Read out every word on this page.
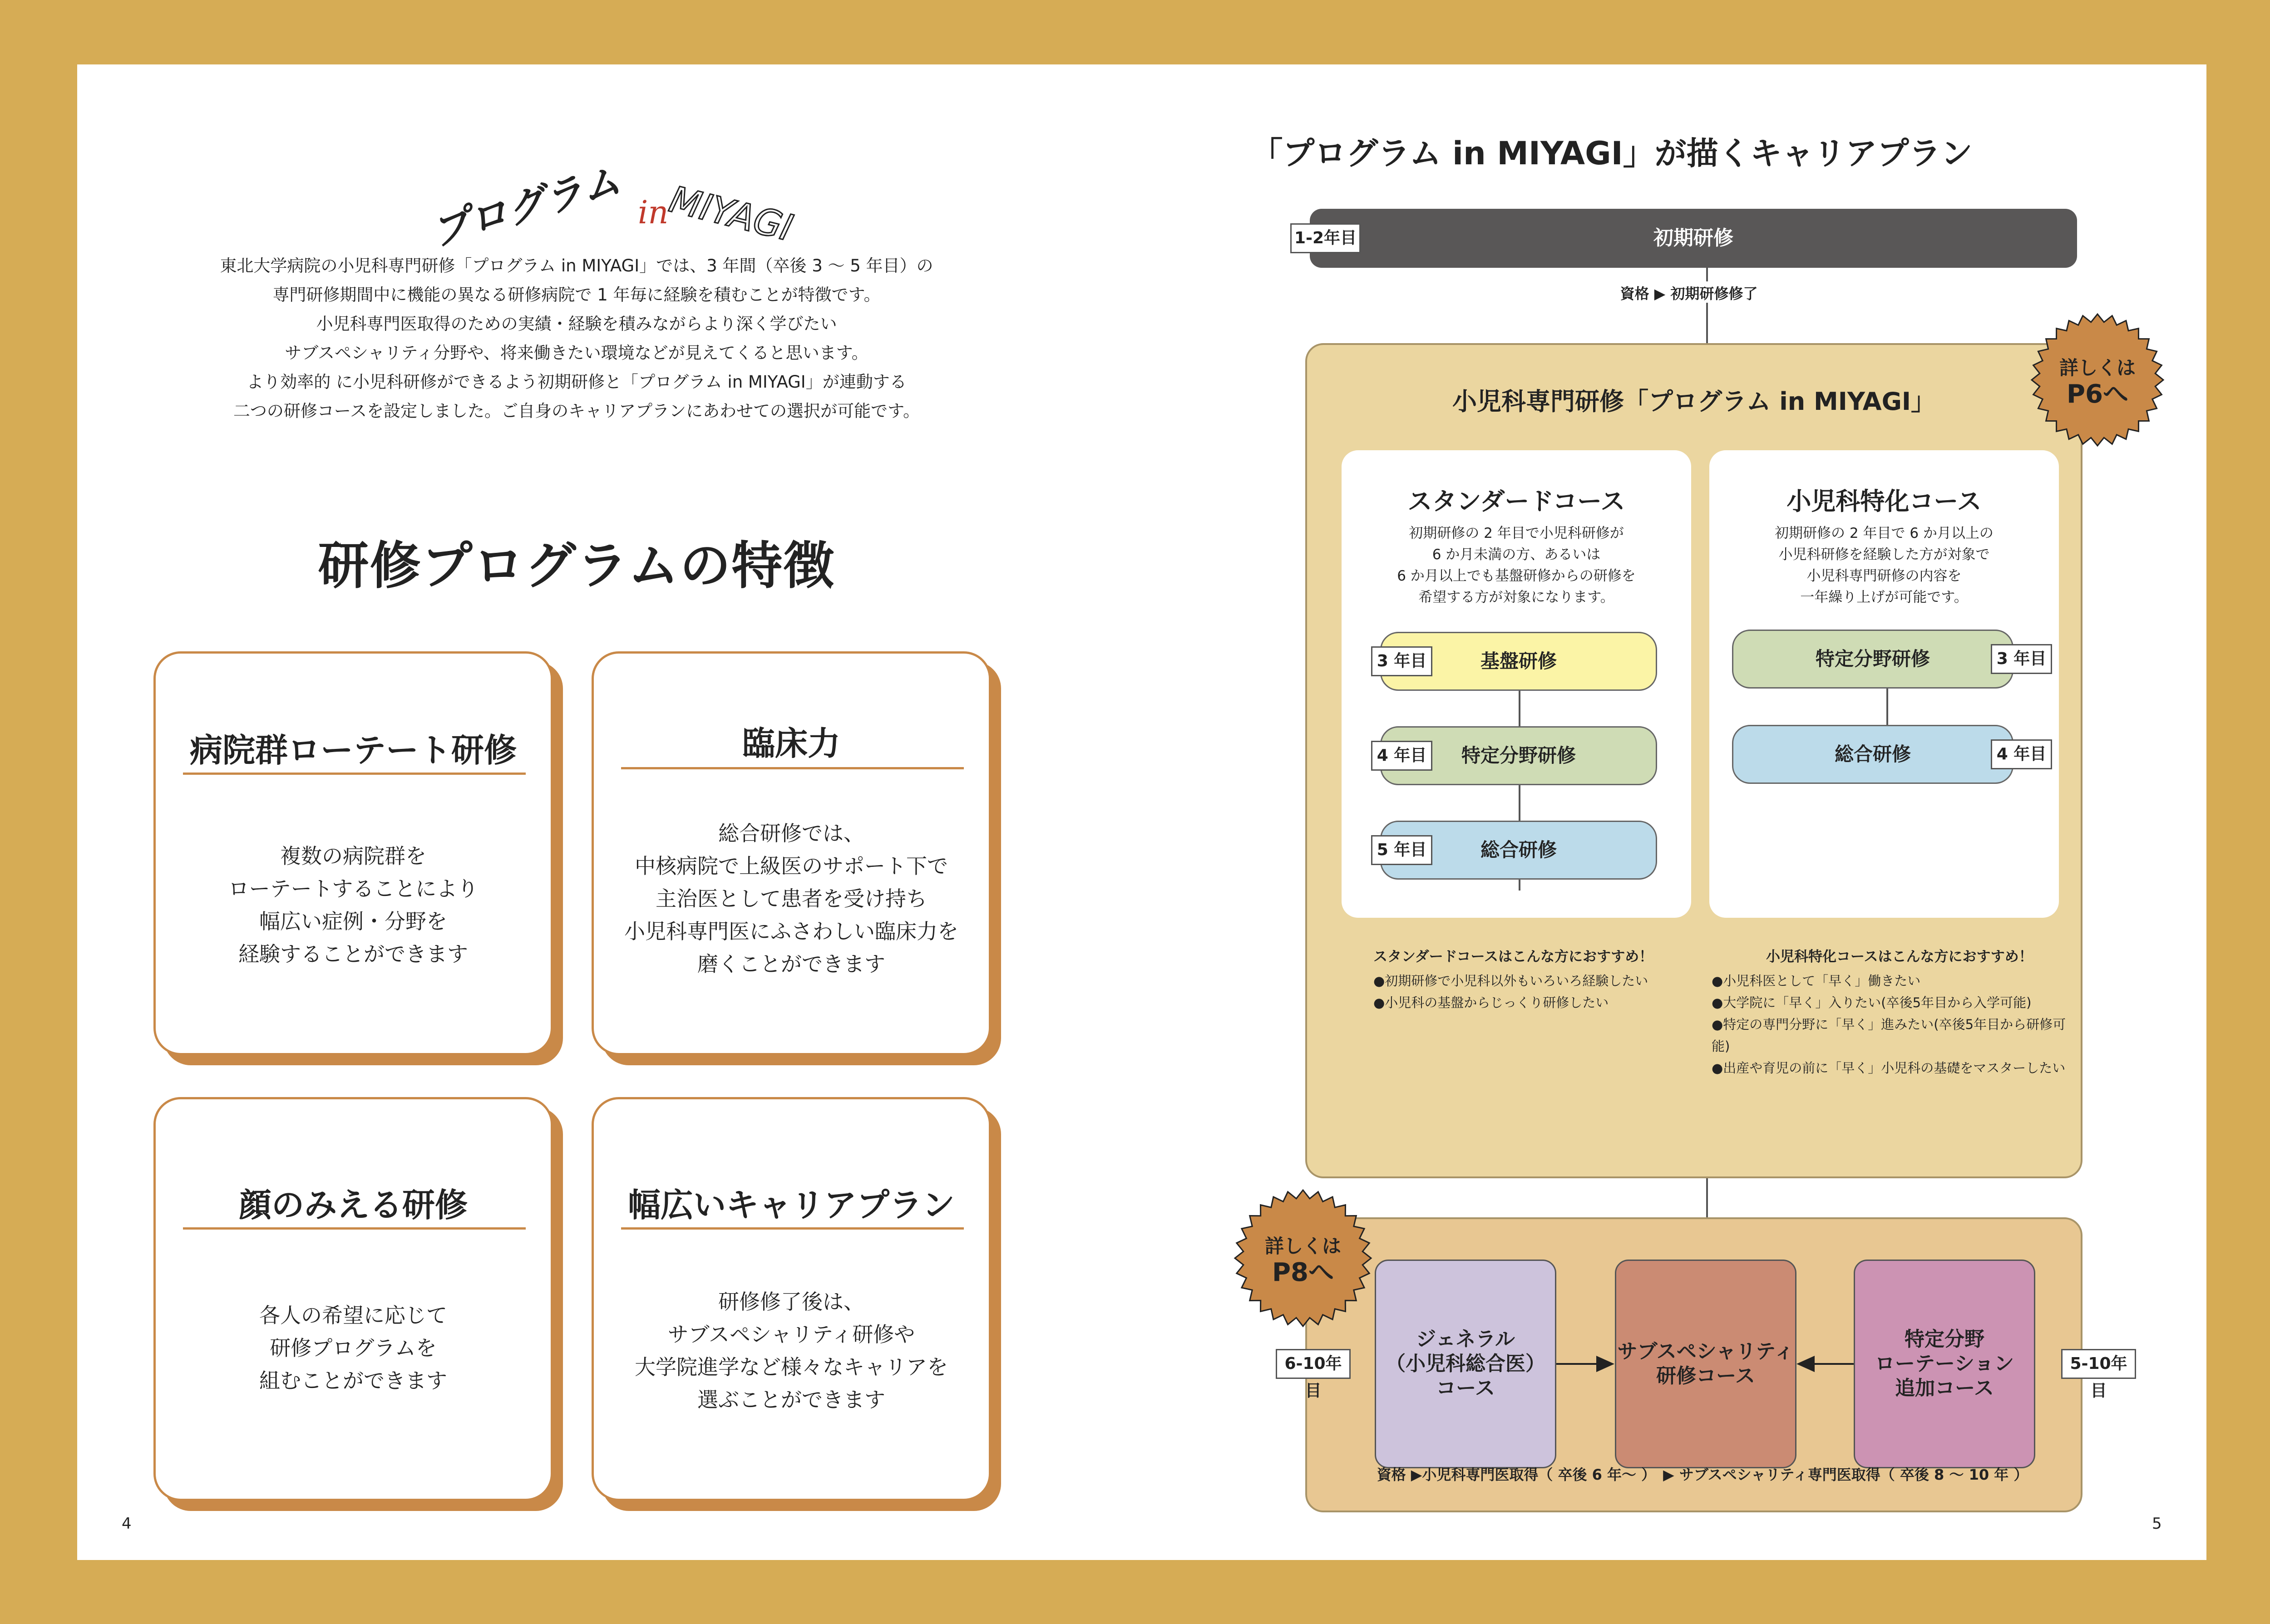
プログラム in
MIYAGI

東北大学病院の小児科専門研修「プログラム in MIYAGI」では、3 年間（卒後 3 〜 5 年目）の

専門研修期間中に機能の異なる研修病院で 1 年毎に経験を積むことが特徴です。

小児科専門医取得のための実績・経験を積みながらより深く学びたい

サブスペシャリティ分野や、将来働きたい環境などが見えてくると思います。

より効率的 に小児科研修ができるよう初期研修と「プログラム in MIYAGI」が連動する

二つの研修コースを設定しました。ご自身のキャリアプランにあわせての選択が可能です。

研修プログラムの特徴
病院群ローテート研修
複数の病院群を
ローテートすることにより
幅広い症例・分野を
経験することができます
臨床力
総合研修では、
中核病院で上級医のサポート下で
主治医として患者を受け持ち
小児科専門医にふさわしい臨床力を
磨くことができます
顔のみえる研修
各人の希望に応じて
研修プログラムを
組むことができます
幅広いキャリアプラン
研修修了後は、
サブスペシャリティ研修や
大学院進学など様々なキャリアを
選ぶことができます
4
「プログラム in MIYAGI」が描くキャリアプラン
初期研修
1-2年目
資格 ▶ 初期研修修了
小児科専門研修「プログラム in MIYAGI」
詳しくは
P6へ
スタンダードコース
初期研修の 2 年目で小児科研修が
6 か月未満の方、あるいは
6 か月以上でも基盤研修からの研修を
希望する方が対象になります。
基盤研修
3 年目
特定分野研修
4 年目
総合研修
5 年目
小児科特化コース
初期研修の 2 年目で 6 か月以上の
小児科研修を経験した方が対象で
小児科専門研修の内容を
一年繰り上げが可能です。
特定分野研修	3 年目
総合研修	4 年目
スタンダードコースはこんな方におすすめ！
●初期研修で小児科以外もいろいろ経験したい
●小児科の基盤からじっくり研修したい
小児科特化コースはこんな方におすすめ！
●小児科医として「早く」働きたい
●大学院に「早く」入りたい(卒後5年目から入学可能)
●特定の専門分野に「早く」進みたい(卒後5年目から研修可能)
●出産や育児の前に「早く」小児科の基礎をマスターしたい
詳しくは
P8へ
ジェネラル
（小児科総合医）
コース
サブスペシャリティ
研修コース
特定分野
ローテーション
追加コース
6-10年目
5-10年目
資格 ▶小児科専門医取得（ 卒後 6 年〜 ）　▶ サブスペシャリティ専門医取得（ 卒後 8 〜 10 年 ）
5
